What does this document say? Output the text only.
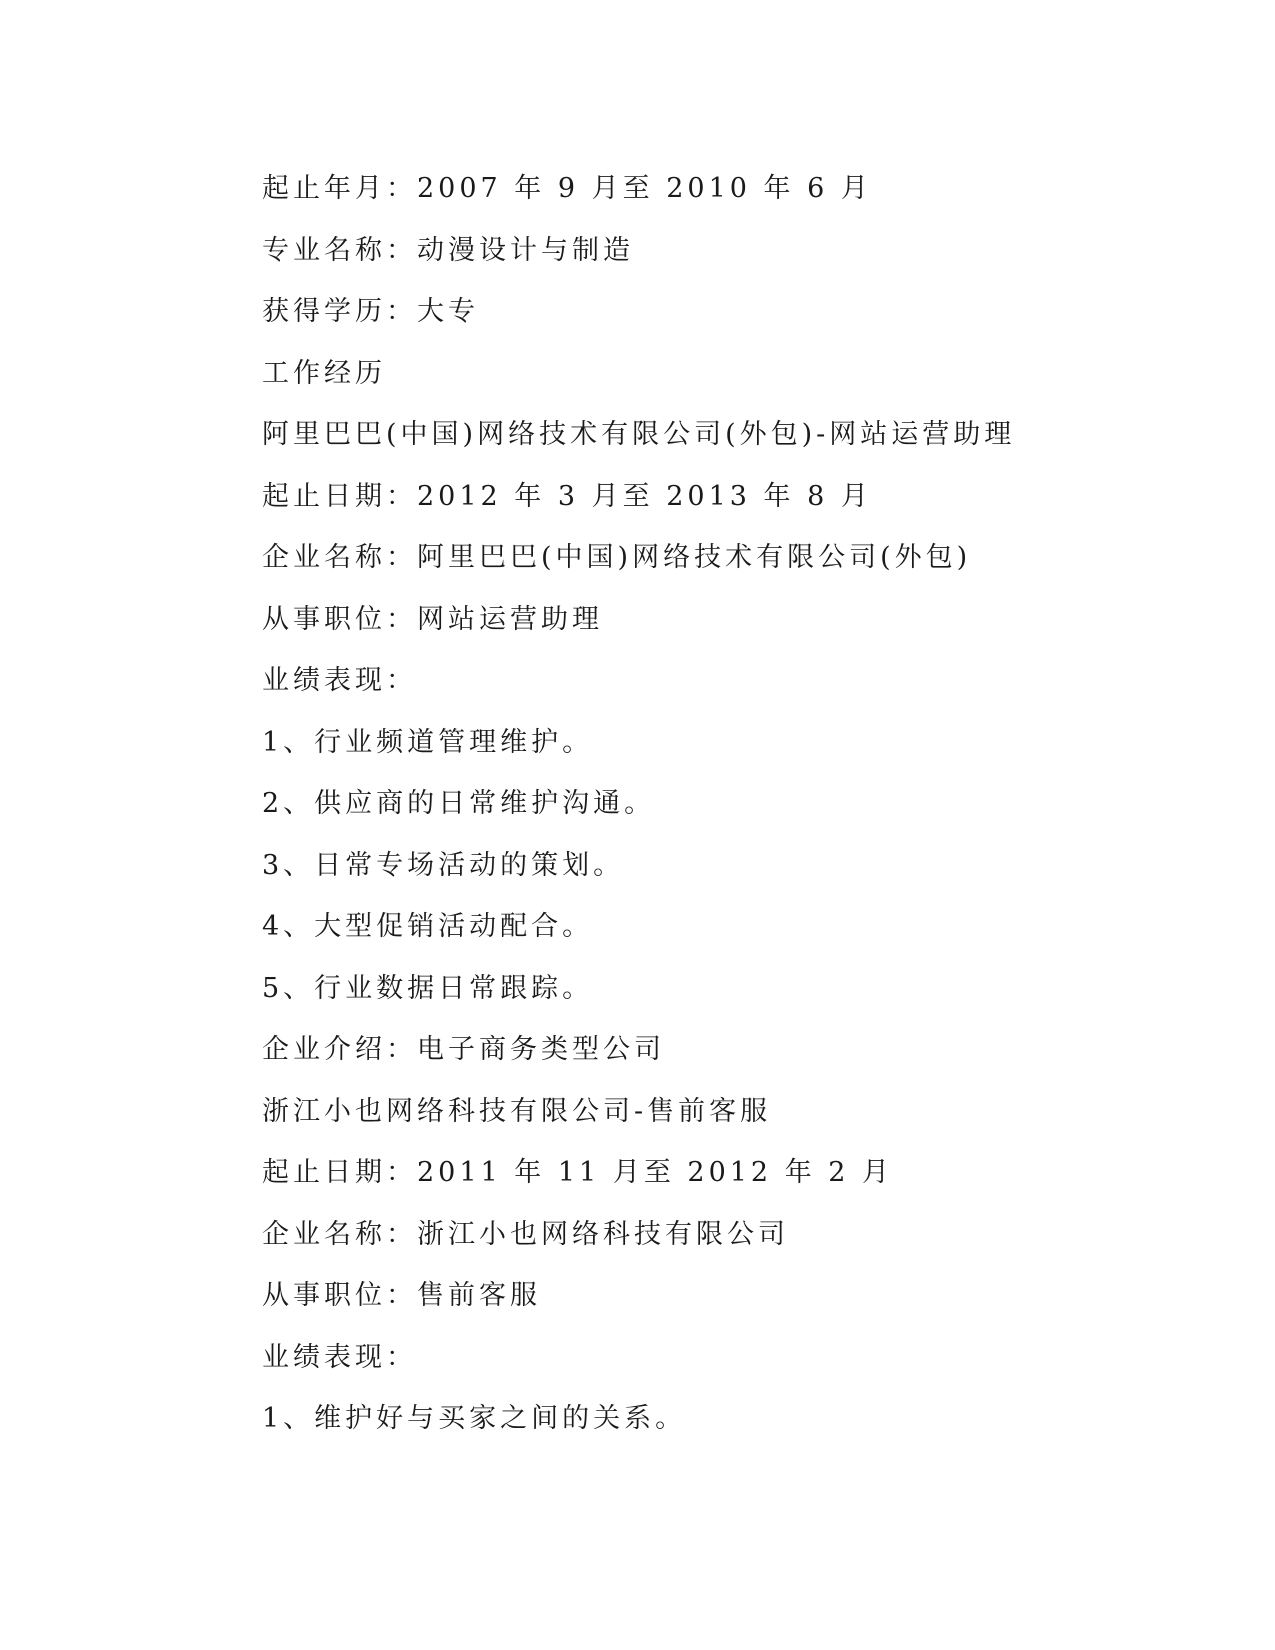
起止年月：2007 年 9 月至 2010 年 6 月
专业名称：动漫设计与制造
获得学历：大专
工作经历
阿里巴巴(中国)网络技术有限公司(外包)-网站运营助理
起止日期：2012 年 3 月至 2013 年 8 月
企业名称：阿里巴巴(中国)网络技术有限公司(外包)
从事职位：网站运营助理
业绩表现：
1、行业频道管理维护。
2、供应商的日常维护沟通。
3、日常专场活动的策划。
4、大型促销活动配合。
5、行业数据日常跟踪。
企业介绍：电子商务类型公司
浙江小也网络科技有限公司-售前客服
起止日期：2011 年 11 月至 2012 年 2 月
企业名称：浙江小也网络科技有限公司
从事职位：售前客服
业绩表现：
1、维护好与买家之间的关系。
